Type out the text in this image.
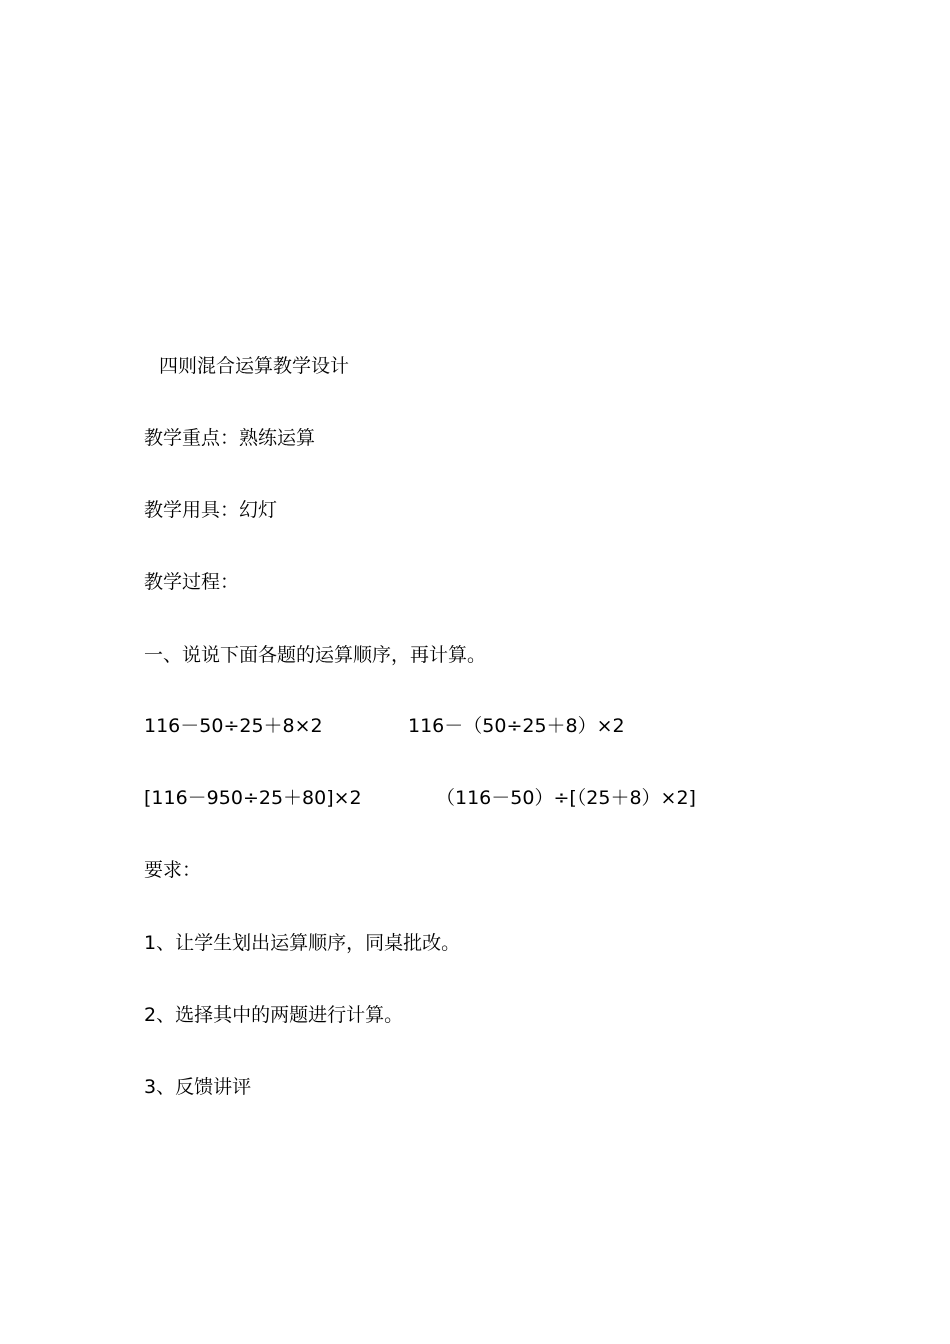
四则混合运算教学设计
教学重点：熟练运算
教学用具：幻灯
教学过程：
一、说说下面各题的运算顺序，再计算。
116－50÷25＋8×2	116－（50÷25＋8）×2
[116－950÷25＋80]×2	（116－50）÷[（25＋8）×2]
要求：
1、让学生划出运算顺序，同桌批改。
2、选择其中的两题进行计算。
3、反馈讲评
